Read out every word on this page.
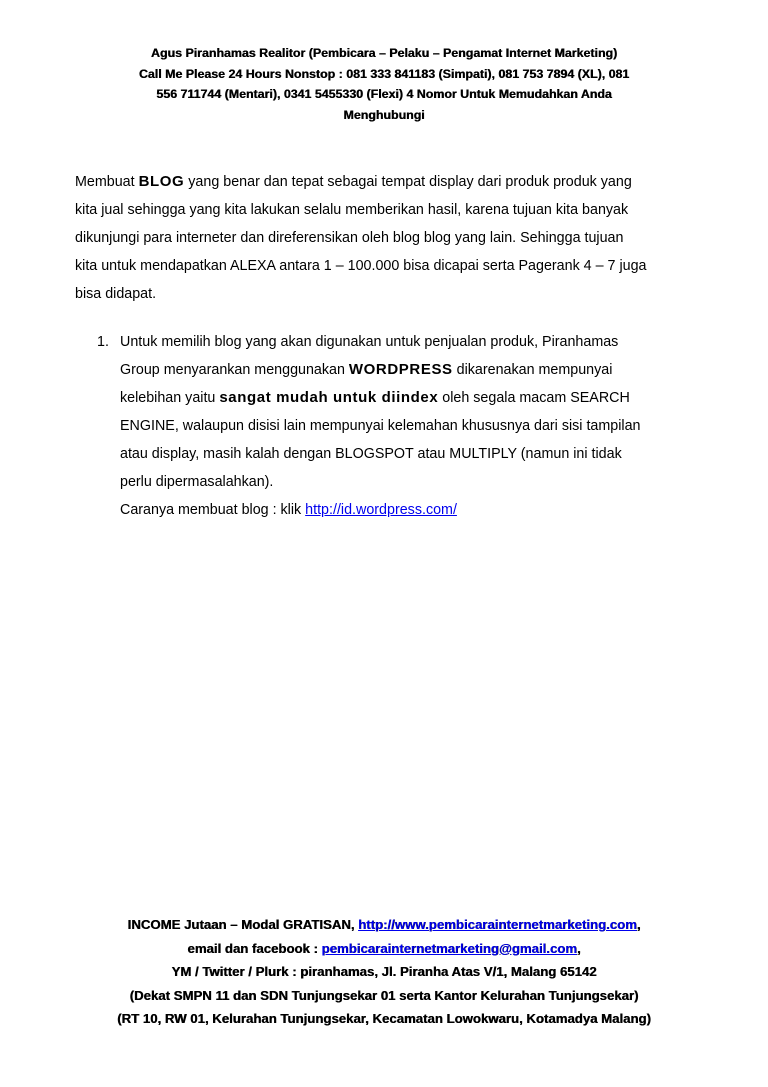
Agus Piranhamas Realitor (Pembicara – Pelaku – Pengamat Internet Marketing)
Call Me Please 24 Hours Nonstop : 081 333 841183 (Simpati), 081 753 7894 (XL), 081
556 711744 (Mentari), 0341 5455330 (Flexi) 4 Nomor Untuk Memudahkan Anda
Menghubungi
Membuat BLOG yang benar dan tepat sebagai tempat display dari produk produk yang
kita jual sehingga yang kita lakukan selalu memberikan hasil, karena tujuan kita banyak
dikunjungi para interneter dan direferensikan oleh blog blog yang lain. Sehingga tujuan
kita untuk mendapatkan ALEXA antara 1 – 100.000 bisa dicapai serta Pagerank 4 – 7 juga
bisa didapat.
1. Untuk memilih blog yang akan digunakan untuk penjualan produk, Piranhamas
Group menyarankan menggunakan WORDPRESS dikarenakan mempunyai
kelebihan yaitu sangat mudah untuk diindex oleh segala macam SEARCH
ENGINE, walaupun disisi lain mempunyai kelemahan khususnya dari sisi tampilan
atau display, masih kalah dengan BLOGSPOT atau MULTIPLY (namun ini tidak
perlu dipermasalahkan).
Caranya membuat blog : klik http://id.wordpress.com/
INCOME Jutaan – Modal GRATISAN, http://www.pembicarainternetmarketing.com,
email dan facebook : pembicarainternetmarketing@gmail.com,
YM / Twitter / Plurk : piranhamas, Jl. Piranha Atas V/1, Malang 65142
(Dekat SMPN 11 dan SDN Tunjungsekar 01 serta Kantor Kelurahan Tunjungsekar)
(RT 10, RW 01, Kelurahan Tunjungsekar, Kecamatan Lowokwaru, Kotamadya Malang)
